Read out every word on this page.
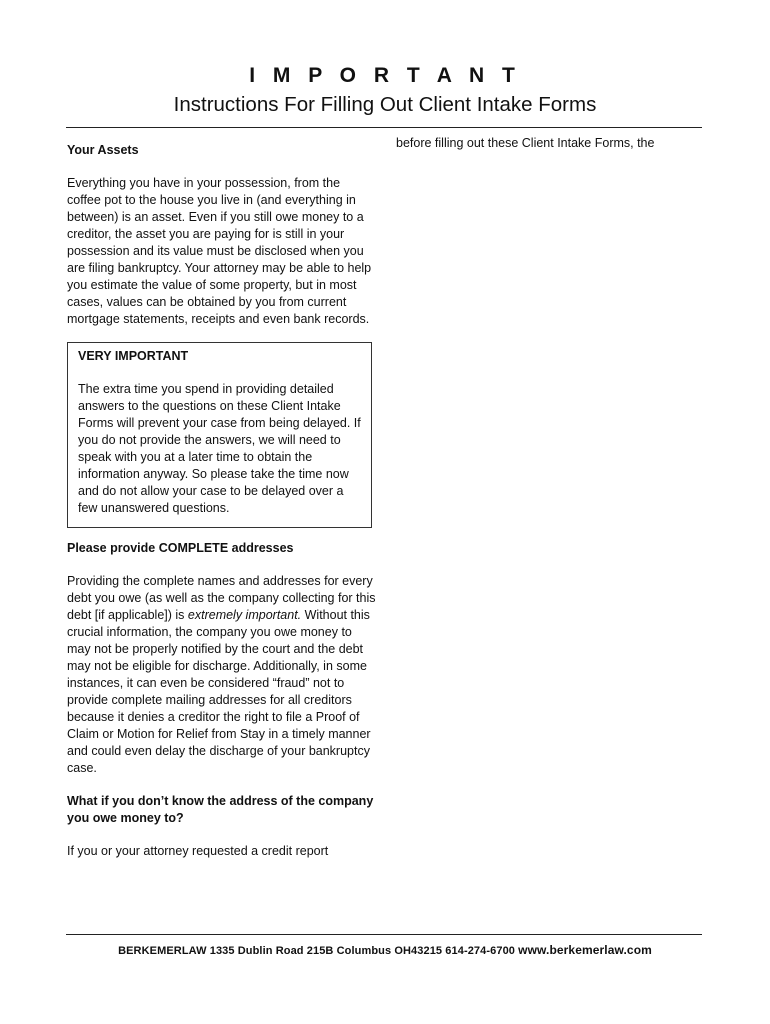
I M P O R T A N T
Instructions For Filling Out Client Intake Forms
before filling out these Client Intake Forms, the
Your Assets

Everything you have in your possession, from the coffee pot to the house you live in (and everything in between) is an asset. Even if you still owe money to a creditor, the asset you are paying for is still in your possession and its value must be disclosed when you are filing bankruptcy. Your attorney may be able to help you estimate the value of some property, but in most cases, values can be obtained by you from current mortgage statements, receipts and even bank records.

VERY IMPORTANT

The extra time you spend in providing detailed answers to the questions on these Client Intake Forms will prevent your case from being delayed. If you do not provide the answers, we will need to speak with you at a later time to obtain the information anyway. So please take the time now and do not allow your case to be delayed over a few unanswered questions.

Please provide COMPLETE addresses

Providing the complete names and addresses for every debt you owe (as well as the company collecting for this debt [if applicable]) is extremely important. Without this crucial information, the company you owe money to may not be properly notified by the court and the debt may not be eligible for discharge. Additionally, in some instances, it can even be considered “fraud” not to provide complete mailing addresses for all creditors because it denies a creditor the right to file a Proof of Claim or Motion for Relief from Stay in a timely manner and could even delay the discharge of your bankruptcy case.

What if you don’t know the address of the company you owe money to?

If you or your attorney requested a credit report

BERKEMERLAW 1335 Dublin Road 215B Columbus OH43215 614-274-6700 www.berkemerlaw.com
